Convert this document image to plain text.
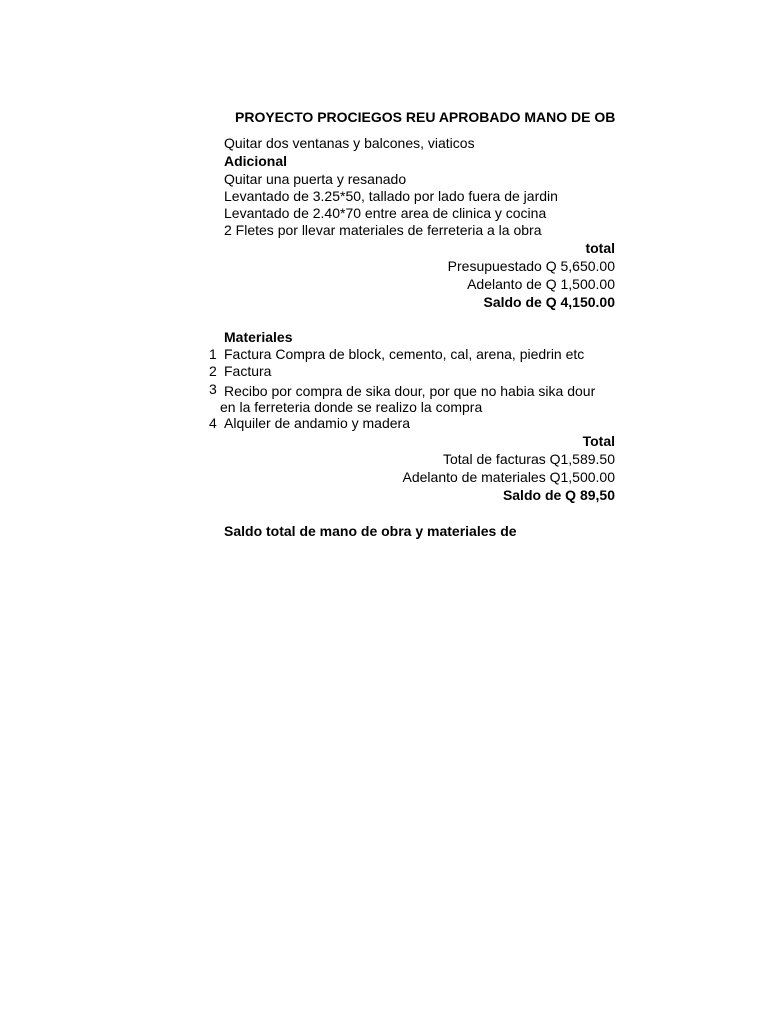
PROYECTO PROCIEGOS REU APROBADO MANO DE OB
Quitar dos ventanas y balcones, viaticos
Adicional
Quitar una puerta y resanado
Levantado de 3.25*50, tallado por lado fuera de jardin
Levantado de 2.40*70 entre area de clinica y cocina
2 Fletes por llevar materiales de ferreteria a la obra
total
Presupuestado Q 5,650.00
Adelanto de Q 1,500.00
Saldo de Q 4,150.00
Materiales
1 Factura Compra de block, cemento, cal, arena, piedrin etc
2 Factura
3 Recibo por compra de sika dour, por que no habia sika dour
en la ferreteria donde se realizo la compra
4 Alquiler de andamio y madera
Total
Total de facturas Q1,589.50
Adelanto de materiales Q1,500.00
Saldo de Q 89,50
Saldo total de mano de obra y materiales de
